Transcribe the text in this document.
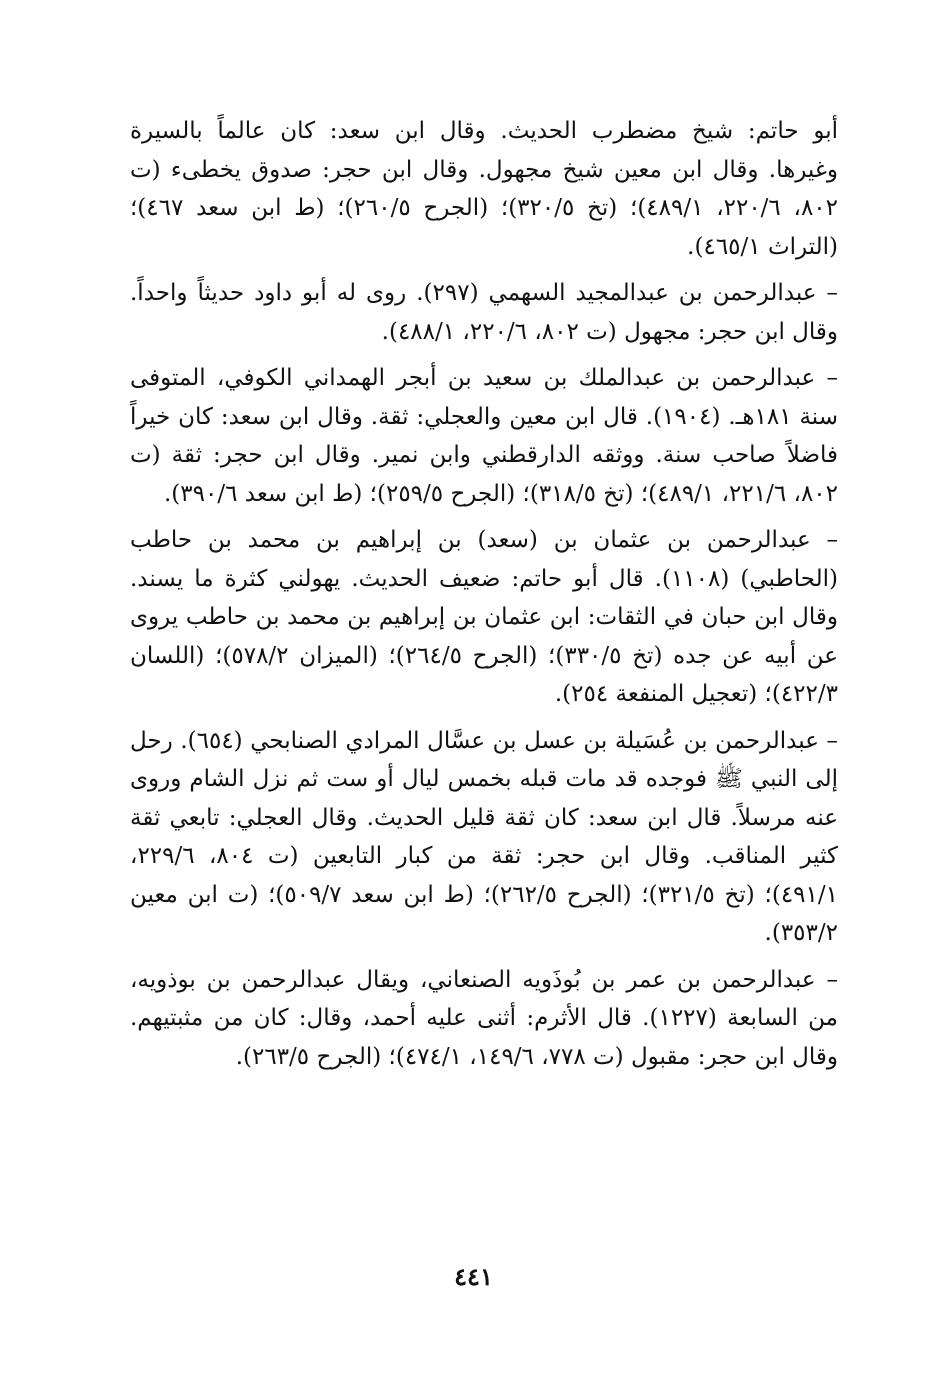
أبو حاتم: شيخ مضطرب الحديث. وقال ابن سعد: كان عالماً بالسيرة وغيرها. وقال ابن معين شيخ مجهول. وقال ابن حجر: صدوق يخطىء (ت ٨٠٢، ٢٢٠/٦، ٤٨٩/١)؛ (تخ ٣٢٠/٥)؛ (الجرح ٢٦٠/٥)؛ (ط ابن سعد ٤٦٧)؛ (التراث ٤٦٥/١).

– عبدالرحمن بن عبدالمجيد السهمي (٢٩٧). روى له أبو داود حديثاً واحداً. وقال ابن حجر: مجهول (ت ٨٠٢، ٢٢٠/٦، ٤٨٨/١).

– عبدالرحمن بن عبدالملك بن سعيد بن أبجر الهمداني الكوفي، المتوفى سنة ١٨١هـ. (١٩٠٤). قال ابن معين والعجلي: ثقة. وقال ابن سعد: كان خيراً فاضلاً صاحب سنة. ووثقه الدارقطني وابن نمير. وقال ابن حجر: ثقة (ت ٨٠٢، ٢٢١/٦، ٤٨٩/١)؛ (تخ ٣١٨/٥)؛ (الجرح ٢٥٩/٥)؛ (ط ابن سعد ٣٩٠/٦).

– عبدالرحمن بن عثمان بن (سعد) بن إبراهيم بن محمد بن حاطب (الحاطبي) (١١٠٨). قال أبو حاتم: ضعيف الحديث. يهولني كثرة ما يسند. وقال ابن حبان في الثقات: ابن عثمان بن إبراهيم بن محمد بن حاطب يروى عن أبيه عن جده (تخ ٣٣٠/٥)؛ (الجرح ٢٦٤/٥)؛ (الميزان ٥٧٨/٢)؛ (اللسان ٤٢٢/٣)؛ (تعجيل المنفعة ٢٥٤).

– عبدالرحمن بن عُسَيلة بن عسل بن عسَّال المرادي الصنابحي (٦٥٤). رحل إلى النبي ﷺ فوجده قد مات قبله بخمس ليال أو ست ثم نزل الشام وروى عنه مرسلاً. قال ابن سعد: كان ثقة قليل الحديث. وقال العجلي: تابعي ثقة كثير المناقب. وقال ابن حجر: ثقة من كبار التابعين (ت ٨٠٤، ٢٢٩/٦، ٤٩١/١)؛ (تخ ٣٢١/٥)؛ (الجرح ٢٦٢/٥)؛ (ط ابن سعد ٥٠٩/٧)؛ (ت ابن معين ٣٥٣/٢).

– عبدالرحمن بن عمر بن بُوذَويه الصنعاني، ويقال عبدالرحمن بن بوذويه، من السابعة (١٢٢٧). قال الأثرم: أثنى عليه أحمد، وقال: كان من مثبتيهم. وقال ابن حجر: مقبول (ت ٧٧٨، ١٤٩/٦، ٤٧٤/١)؛ (الجرح ٢٦٣/٥).

٤٤١
